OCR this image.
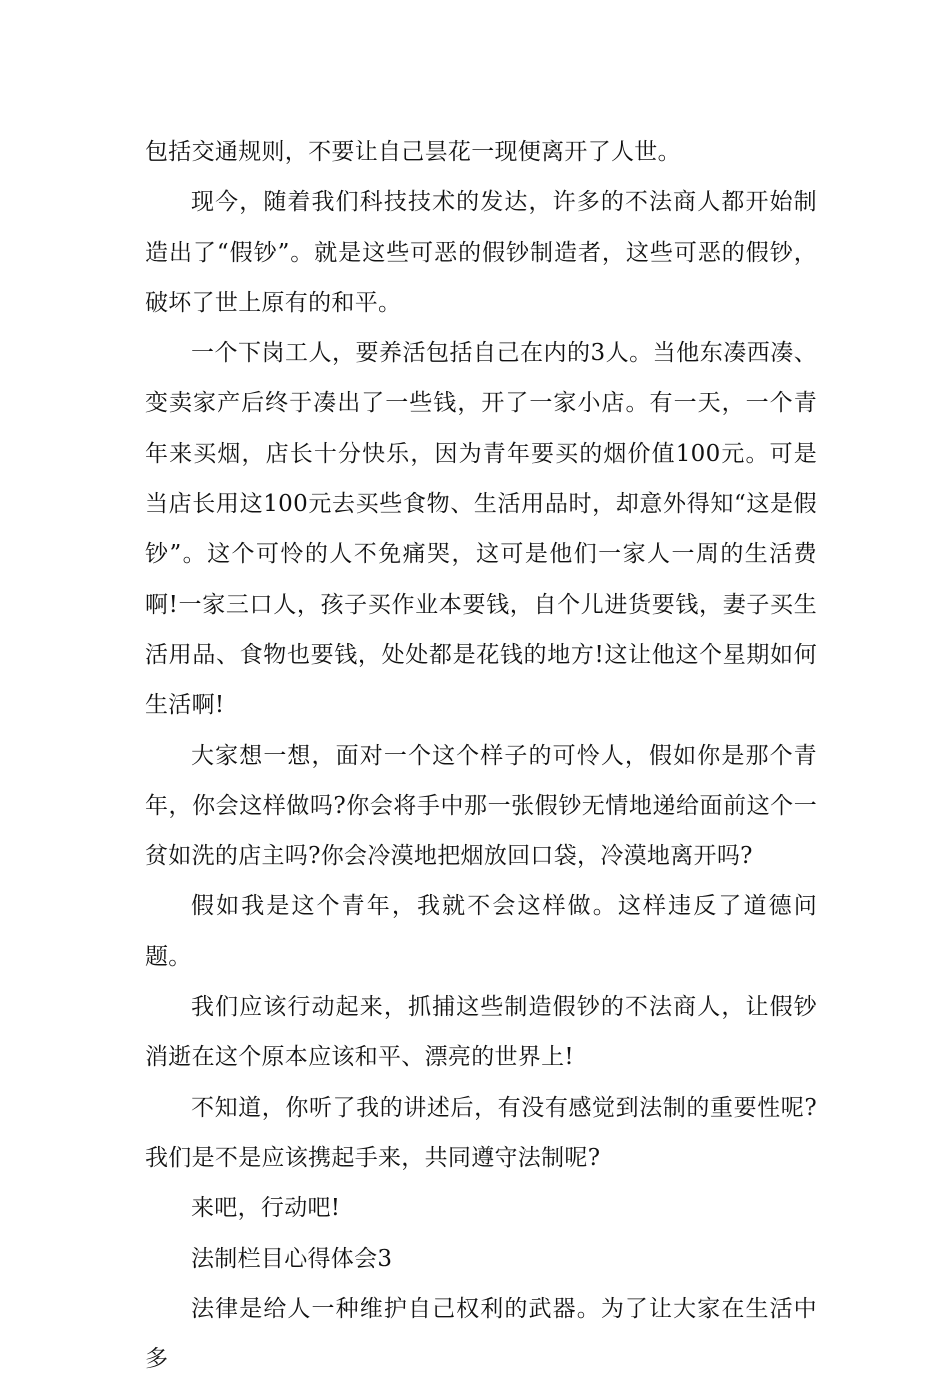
包括交通规则，不要让自己昙花一现便离开了人世。

现今，随着我们科技技术的发达，许多的不法商人都开始制造出了“假钞”。就是这些可恶的假钞制造者，这些可恶的假钞，破坏了世上原有的和平。

一个下岗工人，要养活包括自己在内的3人。当他东凑西凑、变卖家产后终于凑出了一些钱，开了一家小店。有一天，一个青年来买烟，店长十分快乐，因为青年要买的烟价值100元。可是当店长用这100元去买些食物、生活用品时，却意外得知“这是假钞”。这个可怜的人不免痛哭，这可是他们一家人一周的生活费啊!一家三口人，孩子买作业本要钱，自个儿进货要钱，妻子买生活用品、食物也要钱，处处都是花钱的地方!这让他这个星期如何生活啊!

大家想一想，面对一个这个样子的可怜人，假如你是那个青年，你会这样做吗?你会将手中那一张假钞无情地递给面前这个一贫如洗的店主吗?你会冷漠地把烟放回口袋，冷漠地离开吗?

假如我是这个青年，我就不会这样做。这样违反了道德问题。

我们应该行动起来，抓捕这些制造假钞的不法商人，让假钞消逝在这个原本应该和平、漂亮的世界上!

不知道，你听了我的讲述后，有没有感觉到法制的重要性呢?我们是不是应该携起手来，共同遵守法制呢?

来吧，行动吧!

法制栏目心得体会3

法律是给人一种维护自己权利的武器。为了让大家在生活中多
